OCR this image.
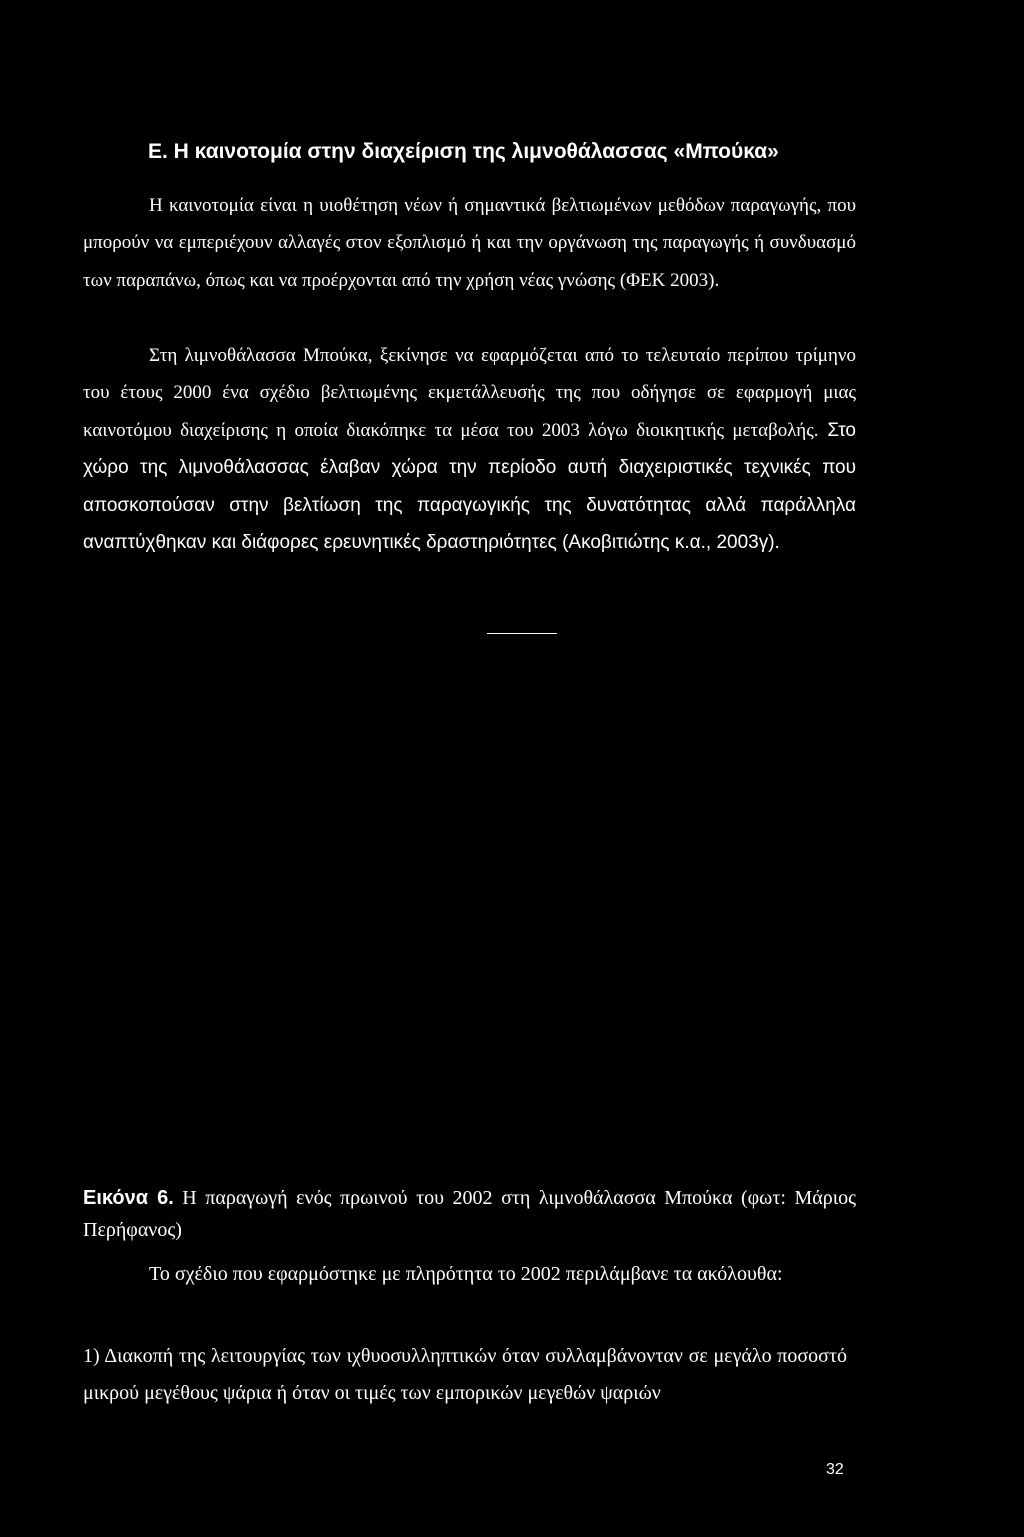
Ε. Η καινοτομία στην διαχείριση της λιμνοθάλασσας «Μπούκα»

Η καινοτομία είναι η υιοθέτηση νέων ή σημαντικά βελτιωμένων μεθόδων παραγωγής, που μπορούν να εμπεριέχουν αλλαγές στον εξοπλισμό ή και την οργάνωση της παραγωγής ή συνδυασμό των παραπάνω, όπως και να προέρχονται από την χρήση νέας γνώσης (ΦΕΚ 2003).

Στη λιμνοθάλασσα Μπούκα, ξεκίνησε να εφαρμόζεται από το τελευταίο περίπου τρίμηνο του έτους 2000 ένα σχέδιο βελτιωμένης εκμετάλλευσής της που οδήγησε σε εφαρμογή μιας καινοτόμου διαχείρισης η οποία διακόπηκε τα μέσα του 2003 λόγω διοικητικής μεταβολής. Στο χώρο της λιμνοθάλασσας έλαβαν χώρα την περίοδο αυτή διαχειριστικές τεχνικές που αποσκοπούσαν στην βελτίωση της παραγωγικής της δυνατότητας αλλά παράλληλα αναπτύχθηκαν και διάφορες ερευνητικές δραστηριότητες (Ακοβιτιώτης κ.α., 2003γ).

Εικόνα 6. Η παραγωγή ενός πρωινού του 2002 στη λιμνοθάλασσα Μπούκα (φωτ: Μάριος Περήφανος)

Το σχέδιο που εφαρμόστηκε με πληρότητα το 2002 περιλάμβανε τα ακόλουθα:

1) Διακοπή της λειτουργίας των ιχθυοσυλληπτικών όταν συλλαμβάνονταν σε μεγάλο ποσοστό μικρού μεγέθους ψάρια ή όταν οι τιμές των εμπορικών μεγεθών ψαριών

32
